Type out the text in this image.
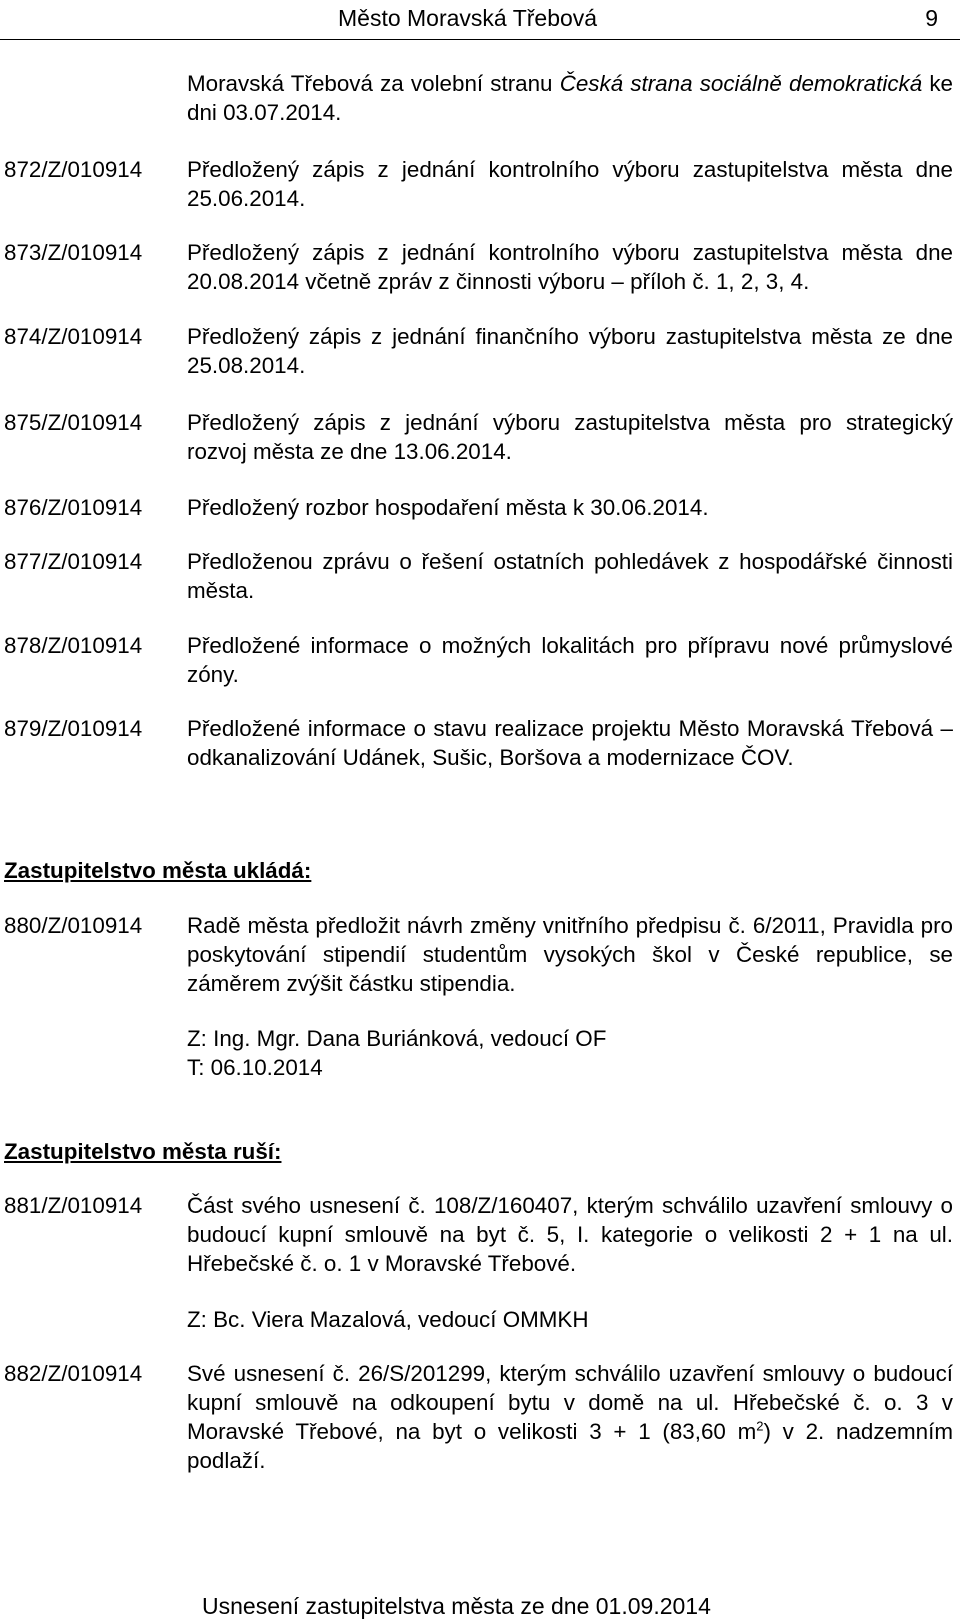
Město Moravská Třebová	9
Moravská Třebová za volební stranu Česká strana sociálně demokratická ke dni 03.07.2014.
872/Z/010914 Předložený zápis z jednání kontrolního výboru zastupitelstva města dne 25.06.2014.
873/Z/010914 Předložený zápis z jednání kontrolního výboru zastupitelstva města dne 20.08.2014 včetně zpráv z činnosti výboru – příloh č. 1, 2, 3, 4.
874/Z/010914 Předložený zápis z jednání finančního výboru zastupitelstva města ze dne 25.08.2014.
875/Z/010914 Předložený zápis z jednání výboru zastupitelstva města pro strategický rozvoj města ze dne 13.06.2014.
876/Z/010914 Předložený rozbor hospodaření města k 30.06.2014.
877/Z/010914 Předloženou zprávu o řešení ostatních pohledávek z hospodářské činnosti města.
878/Z/010914 Předložené informace o možných lokalitách pro přípravu nové průmyslové zóny.
879/Z/010914 Předložené informace o stavu realizace projektu Město Moravská Třebová – odkanalizování Udánek, Sušic, Boršova a modernizace ČOV.
Zastupitelstvo města ukládá:
880/Z/010914 Radě města předložit návrh změny vnitřního předpisu č. 6/2011, Pravidla pro poskytování stipendií studentům vysokých škol v České republice, se záměrem zvýšit částku stipendia.
Z: Ing. Mgr. Dana Buriánková, vedoucí OF
T: 06.10.2014
Zastupitelstvo města ruší:
881/Z/010914 Část svého usnesení č. 108/Z/160407, kterým schválilo uzavření smlouvy o budoucí kupní smlouvě na byt č. 5, I. kategorie o velikosti 2 + 1 na ul. Hřebečské č. o. 1 v Moravské Třebové.
Z: Bc. Viera Mazalová, vedoucí OMMKH
882/Z/010914 Své usnesení č. 26/S/201299, kterým schválilo uzavření smlouvy o budoucí kupní smlouvě na odkoupení bytu v domě na ul. Hřebečské č. o. 3 v Moravské Třebové, na byt o velikosti 3 + 1 (83,60 $m^2$) v 2. nadzemním podlaží.
Usnesení zastupitelstva města ze dne 01.09.2014
